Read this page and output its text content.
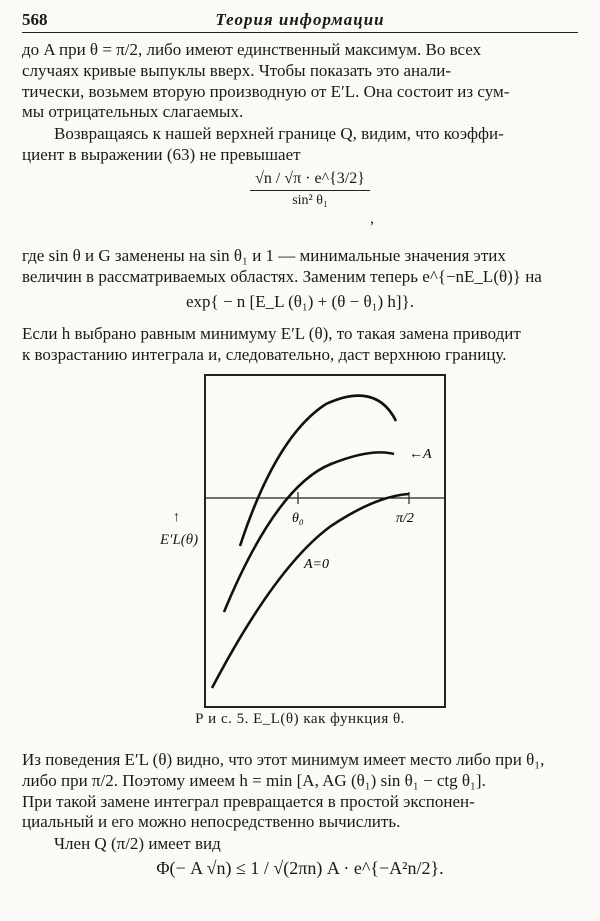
568	Теория информации
до A при θ = π/2, либо имеют единственный максимум. Во всех
случаях кривые выпуклы вверх. Чтобы показать это анали-
тически, возьмем вторую производную от E′L. Она состоит из сум-
мы отрицательных слагаемых.
Возвращаясь к нашей верхней границе Q, видим, что коэффи-
циент в выражении (63) не превышает
√n / √π · e^{3/2}
sin² θ₁
,
где sin θ и G заменены на sin θ₁ и 1 — минимальные значения этих
величин в рассматриваемых областях. Заменим теперь e^{−nE_L(θ)} на
exp{ − n [E_L (θ₁) + (θ − θ₁) h]}.
Если h выбрано равным минимуму E′L (θ), то такая замена приводит
к возрастанию интеграла и, следовательно, даст верхнюю границу.
↑
E′L(θ)
θ₀	π/2
←A
A=0
Р и с. 5. E_L(θ) как функция θ.
Из поведения E′L (θ) видно, что этот минимум имеет место либо при θ₁,
либо при π/2. Поэтому имеем h = min [A, AG (θ₁) sin θ₁ − ctg θ₁].
При такой замене интеграл превращается в простой экспонен-
циальный и его можно непосредственно вычислить.
Член Q (π/2) имеет вид
Φ(− A √n) ≤ 1 / √(2πn) A · e^{−A²n/2}.
